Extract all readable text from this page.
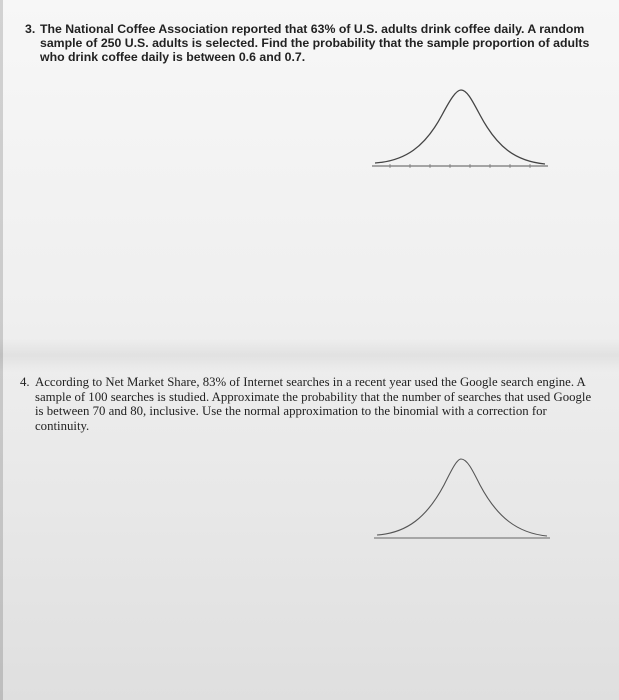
3. The National Coffee Association reported that 63% of U.S. adults drink coffee daily. A random sample of 250 U.S. adults is selected. Find the probability that the sample proportion of adults who drink coffee daily is between 0.6 and 0.7.
4. According to Net Market Share, 83% of Internet searches in a recent year used the Google search engine. A sample of 100 searches is studied. Approximate the probability that the number of searches that used Google is between 70 and 80, inclusive. Use the normal approximation to the binomial with a correction for continuity.
